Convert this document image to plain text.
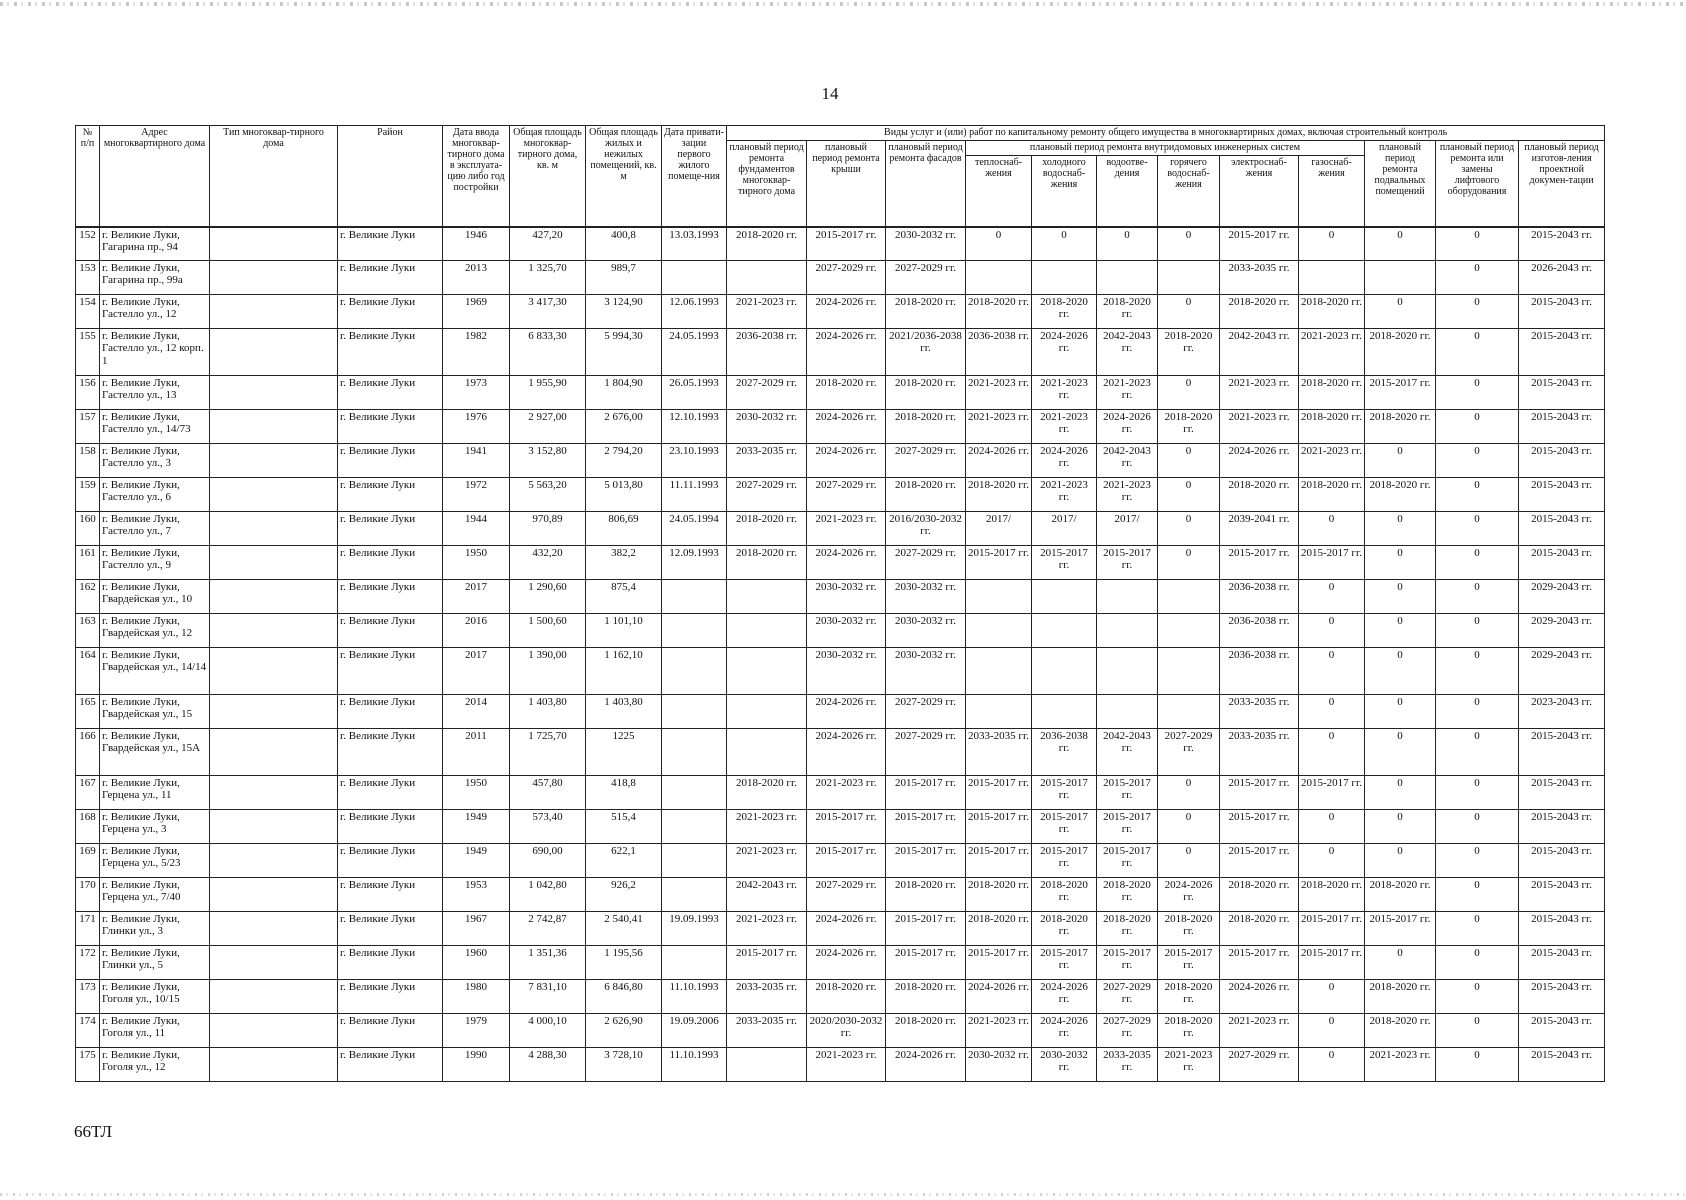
14
№ п/п	Адрес многоквартирного дома	Тип многоквар-тирного дома	Район	Дата ввода многоквар-тирного дома в эксплуата-цию либо год постройки	Общая площадь многоквар-тирного дома, кв. м	Общая площадь жилых и нежилых помещений, кв. м	Дата привати-зации первого жилого помеще-ния	Виды услуг и (или) работ по капитальному ремонту общего имущества в многоквартирных домах, включая строительный контроль											
								плановый период ремонта фундаментов многоквар-тирного дома	плановый период ремонта крыши	плановый период ремонта фасадов	плановый период ремонта внутридомовых инженерных систем						плановый период ремонта подвальных помещений	плановый период ремонта или замены лифтового оборудования	плановый период изготов-ления проектной докумен-тации
											теплоснаб-жения	холодного водоснаб-жения	водоотве-дения	горячего водоснаб-жения	электроснаб-жения	газоснаб-жения			
152	г. Великие Луки, Гагарина пр., 94		г. Великие Луки	1946	427,20	400,8	13.03.1993	2018-2020 гг.	2015-2017 гг.	2030-2032 гг.	0	0	0	0	2015-2017 гг.	0	0	0	2015-2043 гг.
153	г. Великие Луки, Гагарина пр., 99а		г. Великие Луки	2013	1 325,70	989,7			2027-2029 гг.	2027-2029 гг.					2033-2035 гг.			0	2026-2043 гг.
154	г. Великие Луки, Гастелло ул., 12		г. Великие Луки	1969	3 417,30	3 124,90	12.06.1993	2021-2023 гг.	2024-2026 гг.	2018-2020 гг.	2018-2020 гг.	2018-2020 гг.	2018-2020 гг.	0	2018-2020 гг.	2018-2020 гг.	0	0	2015-2043 гг.
155	г. Великие Луки, Гастелло ул., 12 корп. 1		г. Великие Луки	1982	6 833,30	5 994,30	24.05.1993	2036-2038 гг.	2024-2026 гг.	2021/2036-2038 гг.	2036-2038 гг.	2024-2026 гг.	2042-2043 гг.	2018-2020 гг.	2042-2043 гг.	2021-2023 гг.	2018-2020 гг.	0	2015-2043 гг.
156	г. Великие Луки, Гастелло ул., 13		г. Великие Луки	1973	1 955,90	1 804,90	26.05.1993	2027-2029 гг.	2018-2020 гг.	2018-2020 гг.	2021-2023 гг.	2021-2023 гг.	2021-2023 гг.	0	2021-2023 гг.	2018-2020 гг.	2015-2017 гг.	0	2015-2043 гг.
157	г. Великие Луки, Гастелло ул., 14/73		г. Великие Луки	1976	2 927,00	2 676,00	12.10.1993	2030-2032 гг.	2024-2026 гг.	2018-2020 гг.	2021-2023 гг.	2021-2023 гг.	2024-2026 гг.	2018-2020 гг.	2021-2023 гг.	2018-2020 гг.	2018-2020 гг.	0	2015-2043 гг.
158	г. Великие Луки, Гастелло ул., 3		г. Великие Луки	1941	3 152,80	2 794,20	23.10.1993	2033-2035 гг.	2024-2026 гг.	2027-2029 гг.	2024-2026 гг.	2024-2026 гг.	2042-2043 гг.	0	2024-2026 гг.	2021-2023 гг.	0	0	2015-2043 гг.
159	г. Великие Луки, Гастелло ул., 6		г. Великие Луки	1972	5 563,20	5 013,80	11.11.1993	2027-2029 гг.	2027-2029 гг.	2018-2020 гг.	2018-2020 гг.	2021-2023 гг.	2021-2023 гг.	0	2018-2020 гг.	2018-2020 гг.	2018-2020 гг.	0	2015-2043 гг.
160	г. Великие Луки, Гастелло ул., 7		г. Великие Луки	1944	970,89	806,69	24.05.1994	2018-2020 гг.	2021-2023 гг.	2016/2030-2032 гг.	2017/	2017/	2017/	0	2039-2041 гг.	0	0	0	2015-2043 гг.
161	г. Великие Луки, Гастелло ул., 9		г. Великие Луки	1950	432,20	382,2	12.09.1993	2018-2020 гг.	2024-2026 гг.	2027-2029 гг.	2015-2017 гг.	2015-2017 гг.	2015-2017 гг.	0	2015-2017 гг.	2015-2017 гг.	0	0	2015-2043 гг.
162	г. Великие Луки, Гвардейская ул., 10		г. Великие Луки	2017	1 290,60	875,4			2030-2032 гг.	2030-2032 гг.					2036-2038 гг.	0	0	0	2029-2043 гг.
163	г. Великие Луки, Гвардейская ул., 12		г. Великие Луки	2016	1 500,60	1 101,10			2030-2032 гг.	2030-2032 гг.					2036-2038 гг.	0	0	0	2029-2043 гг.
164	г. Великие Луки, Гвардейская ул., 14/14		г. Великие Луки	2017	1 390,00	1 162,10			2030-2032 гг.	2030-2032 гг.					2036-2038 гг.	0	0	0	2029-2043 гг.
165	г. Великие Луки, Гвардейская ул., 15		г. Великие Луки	2014	1 403,80	1 403,80			2024-2026 гг.	2027-2029 гг.					2033-2035 гг.	0	0	0	2023-2043 гг.
166	г. Великие Луки, Гвардейская ул., 15А		г. Великие Луки	2011	1 725,70	1225			2024-2026 гг.	2027-2029 гг.	2033-2035 гг.	2036-2038 гг.	2042-2043 гг.	2027-2029 гг.	2033-2035 гг.	0	0	0	2015-2043 гг.
167	г. Великие Луки, Герцена ул., 11		г. Великие Луки	1950	457,80	418,8		2018-2020 гг.	2021-2023 гг.	2015-2017 гг.	2015-2017 гг.	2015-2017 гг.	2015-2017 гг.	0	2015-2017 гг.	2015-2017 гг.	0	0	2015-2043 гг.
168	г. Великие Луки, Герцена ул., 3		г. Великие Луки	1949	573,40	515,4		2021-2023 гг.	2015-2017 гг.	2015-2017 гг.	2015-2017 гг.	2015-2017 гг.	2015-2017 гг.	0	2015-2017 гг.	0	0	0	2015-2043 гг.
169	г. Великие Луки, Герцена ул., 5/23		г. Великие Луки	1949	690,00	622,1		2021-2023 гг.	2015-2017 гг.	2015-2017 гг.	2015-2017 гг.	2015-2017 гг.	2015-2017 гг.	0	2015-2017 гг.	0	0	0	2015-2043 гг.
170	г. Великие Луки, Герцена ул., 7/40		г. Великие Луки	1953	1 042,80	926,2		2042-2043 гг.	2027-2029 гг.	2018-2020 гг.	2018-2020 гг.	2018-2020 гг.	2018-2020 гг.	2024-2026 гг.	2018-2020 гг.	2018-2020 гг.	2018-2020 гг.	0	2015-2043 гг.
171	г. Великие Луки, Глинки ул., 3		г. Великие Луки	1967	2 742,87	2 540,41	19.09.1993	2021-2023 гг.	2024-2026 гг.	2015-2017 гг.	2018-2020 гг.	2018-2020 гг.	2018-2020 гг.	2018-2020 гг.	2018-2020 гг.	2015-2017 гг.	2015-2017 гг.	0	2015-2043 гг.
172	г. Великие Луки, Глинки ул., 5		г. Великие Луки	1960	1 351,36	1 195,56		2015-2017 гг.	2024-2026 гг.	2015-2017 гг.	2015-2017 гг.	2015-2017 гг.	2015-2017 гг.	2015-2017 гг.	2015-2017 гг.	2015-2017 гг.	0	0	2015-2043 гг.
173	г. Великие Луки, Гоголя ул., 10/15		г. Великие Луки	1980	7 831,10	6 846,80	11.10.1993	2033-2035 гг.	2018-2020 гг.	2018-2020 гг.	2024-2026 гг.	2024-2026 гг.	2027-2029 гг.	2018-2020 гг.	2024-2026 гг.	0	2018-2020 гг.	0	2015-2043 гг.
174	г. Великие Луки, Гоголя ул., 11		г. Великие Луки	1979	4 000,10	2 626,90	19.09.2006	2033-2035 гг.	2020/2030-2032 гг.	2018-2020 гг.	2021-2023 гг.	2024-2026 гг.	2027-2029 гг.	2018-2020 гг.	2021-2023 гг.	0	2018-2020 гг.	0	2015-2043 гг.
175	г. Великие Луки, Гоголя ул., 12		г. Великие Луки	1990	4 288,30	3 728,10	11.10.1993		2021-2023 гг.	2024-2026 гг.	2030-2032 гг.	2030-2032 гг.	2033-2035 гг.	2021-2023 гг.	2027-2029 гг.	0	2021-2023 гг.	0	2015-2043 гг.
66ТЛ
